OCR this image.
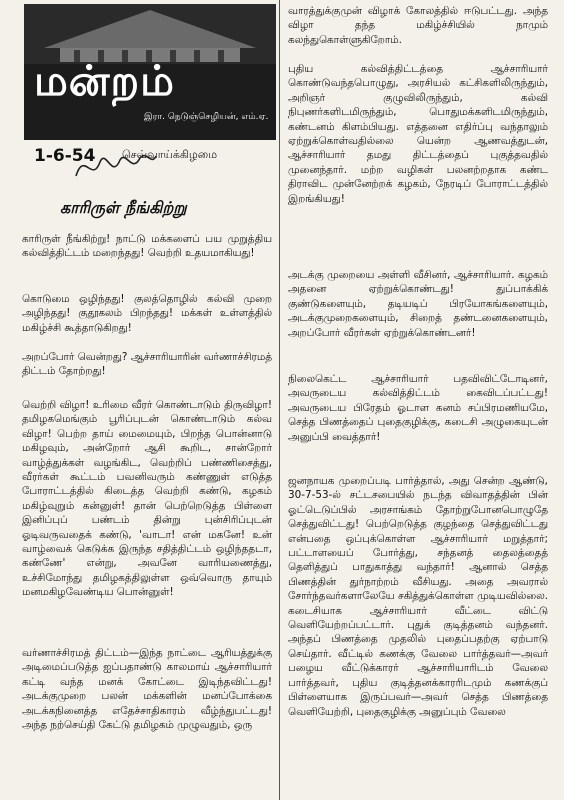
மன்றம்
இரா. நெடுஞ்செழியன், எம்.ஏ.
1-6-54 செவ்வாய்க்கிழமை
காரிருள் நீங்கிற்று

காரிருள் நீங்கிற்று! நாட்டு மக்களைப் பய முறுத்திய கல்வித்திட்டம் மறைந்தது! வெற்றி உதயமாகியது!

கொடுமை ஒழிந்தது! குலத்தொழில் கல்வி முறை அழிந்தது! குதூகலம் பிறந்தது! மக்கள் உள்ளத்தில் மகிழ்ச்சி கூத்தாடுகிறது!

அறப்போர் வென்றது? ஆச்சாரியாரின் வர்ணாச்சிரமத் திட்டம் தோற்றது!

வெற்றி விழா! உரிமை வீரர் கொண்டாடும் திருவிழா! தமிழகமெங்கும் பூரிப்புடன் கொண்டாடும் கல்வ விழா! பெற்ற தாய் மைமையும், பிறந்த பொன்னாடு மகிழவும், அன்றோர் ஆசி கூறிட, சான்றோர் வாழ்த்துக்கள் வழங்கிட, வெற்றிப் பண்ணிசைத்து, வீரர்கள் கூட்டம் பவனிவரும் கண்ணுள் எடுத்த போராட்டத்தில் கிடைத்த வெற்றி கண்டு, கழகம் மகிழ்வுறும் கன்னுள்! தான் பெற்றெடுத்த பிள்ளை இனிப்புப் பண்டம் தின்று புன்சிரிப்புடன் ஓடிவருவதைக் கண்டு, 'வாடா! என் மகனே! உன் வாழ்வைக் கெடுக்க இருந்த சதித்திட்டம் ஒழிந்ததடா, கண்ணே' என்று, அவனே வாரியணைத்து, உச்சிமோந்து தமிழகத்திலுள்ள ஒவ்வொரு தாயும் மனமகிழவேண்டிய பொன்னுள்!

வர்ணாச்சிரமத் திட்டம்—இந்த நாட்டை ஆரியத்துக்கு அடிமைப்படுத்த ஐப்பதாண்டு காலமாய் ஆச்சாரியார் கட்டி வந்த மனக் கோட்டை இடிந்தவிட்டது! அடக்குமுறை பலன் மக்களின் மனப்போக்கை அடக்கநினைத்த எதேச்சாதிகாரம் வீழ்ந்துபட்டது! அந்த நற்செய்தி கேட்டு தமிழகம் முழுவதும், ஒரு

வாரத்துக்குமுன் விழாக் கோலத்தில் ஈடுபட்டது. அந்த விழா தந்த மகிழ்ச்சியில் நாமும் கலந்துகொள்ளுகிறோம்.

புதிய கல்வித்திட்டத்தை ஆச்சாரியார் கொண்டுவந்தபொழுது, அரசியல் கட்சிகளிலிருந்தும், அறிஞர் குழுவிலிருந்தும், கல்வி நிபுணர்களிடமிருந்தும், பொதுமக்களிடமிருந்தும், கண்டனம் கிளம்பியது. எத்தனை எதிர்ப்பு வந்தாலும் ஏற்றுக்கொள்வதில்லை யென்ற ஆணவத்துடன், ஆச்சாரியார் தமது திட்டத்தைப் புகுத்தவதில் முனைந்தார். மற்ற வழிகள் பலனற்றதாக கண்ட திராவிட முன்னேற்றக் கழகம், நேரடிப் போராட்டத்தில் இறங்கியது!

அடக்கு முறையை அள்ளி வீசினர், ஆச்சாரியார். கழகம் அதனை ஏற்றுக்கொண்டது! துப்பாக்கிக் குண்டுகளையும், தடியடிப் பிரயோகங்களையும், அடக்குமுறைகளையும், சிறைத் தண்டனைகளையும், அறப்போர் வீரர்கள் ஏற்றுக்கொண்டனர்!

நிலைகெட்ட ஆச்சாரியார் பதவிவிட்டோடினர், அவருடைய கல்வித்திட்டம் கைவிடப்பட்டது! அவருடைய பிரேதம் ஓடாள கனம் சப்பிரமணியமே, செத்த பிணத்தைப் புதைகுழிக்கு, கடைசி அழுகையுடன் அனுப்பி வைத்தார்!

ஜனநாயக முறைப்படி பார்த்தால், அது சென்ற ஆண்டு, 30-7-53-ல் சட்டசபையில் நடந்த விவாதத்தின் பின் ஓட்டெடுப்பில் அரசாங்கம் தோற்றுபோனபொழுதே செத்துவிட்டது! பெற்றெடுத்த குழந்தை செத்துவிட்டது என்பதை ஒப்புக்கொள்ள ஆச்சாரியார் மறுத்தார்; பட்டாளயைப் போர்த்து, சந்தனத் தைலத்தைத் தெளித்துப் பாதுகாத்து வந்தார்! ஆனால் செத்த பிணத்தின் துர்நாற்றம் வீசியது. அதை அவரால் சோர்ந்தவர்களாலேயே சகித்துக்கொள்ள முடியவில்லை. கடைசியாக ஆச்சாரியார் வீட்டை விட்டு வெளியேற்றப்பட்டார். புதுக் குடித்தனம் வந்தனர். அந்தப் பிணத்தை முதலில் புதைப்பதற்கு ஏற்பாடு செய்தார். வீட்டில் கணக்கு வேலை பார்த்தவர்—அவர் பழைய வீட்டுக்காரர் ஆச்சாரியாரிடம் வேலை பார்த்தவர், புதிய குடித்தனக்காரரிடமும் கணக்குப் பிள்ளையாக இருப்பவர்—அவர் செத்த பிணத்தை வெளியேற்றி, புதைகுழிக்கு அனுப்பும் வேலை
